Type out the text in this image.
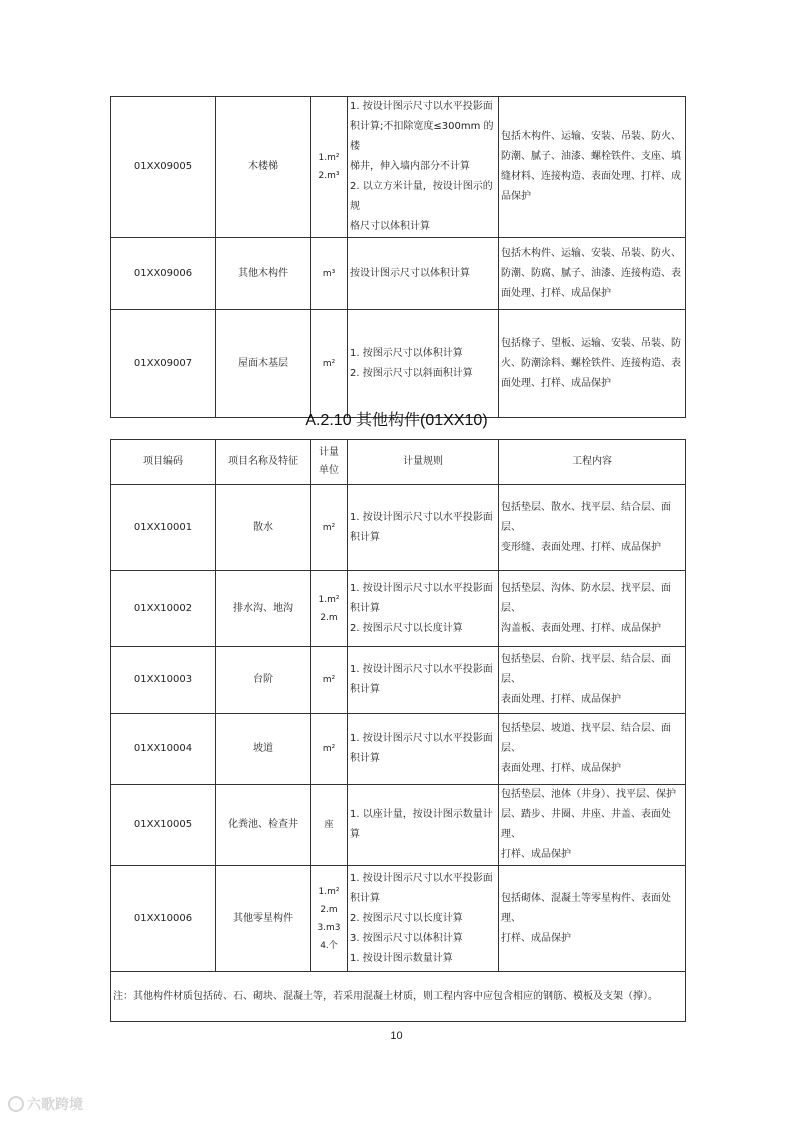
01XX09005	木楼梯	1.m²
2.m³	1. 按设计图示尺寸以水平投影面
积计算;不扣除宽度≤300mm 的楼
梯井，伸入墙内部分不计算
2. 以立方米计量，按设计图示的规
格尺寸以体积计算	包括木构件、运输、安装、吊装、防火、
防潮、腻子、油漆、螺栓铁件、支座、填
缝材料、连接构造、表面处理、打样、成
品保护

01XX09006	其他木构件	m³	按设计图示尺寸以体积计算	包括木构件、运输、安装、吊装、防火、
防潮、防腐、腻子、油漆、连接构造、表
面处理、打样、成品保护

01XX09007	屋面木基层	m²	1. 按图示尺寸以体积计算
2. 按图示尺寸以斜面积计算	包括椽子、望板、运输、安装、吊装、防
火、防潮涂料、螺栓铁件、连接构造、表
面处理、打样、成品保护
A.2.10 其他构件(01XX10)
项目编码	项目名称及特征	计量
单位	计量规则	工程内容
01XX10001	散水	m²	1. 按设计图示尺寸以水平投影面
积计算	包括垫层、散水、找平层、结合层、面层、
变形缝、表面处理、打样、成品保护

01XX10002	排水沟、地沟	1.m²
2.m	1. 按设计图示尺寸以水平投影面
积计算
2. 按图示尺寸以长度计算	包括垫层、沟体、防水层、找平层、面层、
沟盖板、表面处理、打样、成品保护

01XX10003	台阶	m²	1. 按设计图示尺寸以水平投影面
积计算	包括垫层、台阶、找平层、结合层、面层、
表面处理、打样、成品保护

01XX10004	坡道	m²	1. 按设计图示尺寸以水平投影面
积计算	包括垫层、坡道、找平层、结合层、面层、
表面处理、打样、成品保护

01XX10005	化粪池、检查井	座	1. 以座计量，按设计图示数量计算	包括垫层、池体（井身）、找平层、保护
层、踏步、井圈、井座、井盖、表面处理、
打样、成品保护

01XX10006	其他零星构件	1.m²
2.m
3.m3
4.个	1. 按设计图示尺寸以水平投影面
积计算
2. 按图示尺寸以长度计算
3. 按图示尺寸以体积计算
1. 按设计图示数量计算	包括砌体、混凝土等零星构件、表面处理、
打样、成品保护

注：其他构件材质包括砖、石、砌块、混凝土等，若采用混凝土材质，则工程内容中应包含相应的钢筋、模板及支架（撑）。				
10
六歌跨境
